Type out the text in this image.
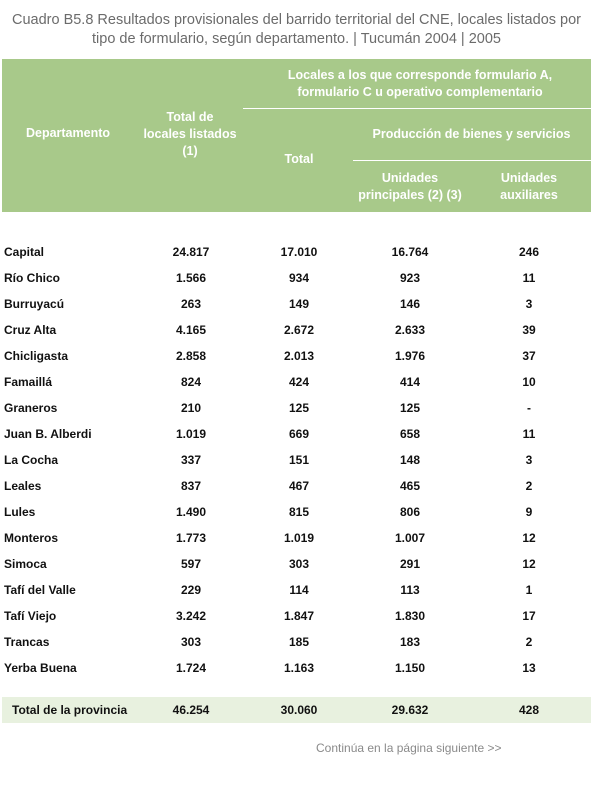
Cuadro B5.8 Resultados provisionales del barrido territorial del CNE, locales listados por tipo de formulario, según departamento. | Tucumán 2004 | 2005
Departamento
Total de
locales listados
(1)
Locales a los que corresponde formulario A,
formulario C u operativo complementario
Total
Producción de bienes y servicios
Unidades
principales (2) (3)
Unidades
auxiliares
Capital	24.817	17.010	16.764	246
Río Chico	1.566	934	923	11
Burruyacú	263	149	146	3
Cruz Alta	4.165	2.672	2.633	39
Chicligasta	2.858	2.013	1.976	37
Famaillá	824	424	414	10
Graneros	210	125	125	-
Juan B. Alberdi	1.019	669	658	11
La Cocha	337	151	148	3
Leales	837	467	465	2
Lules	1.490	815	806	9
Monteros	1.773	1.019	1.007	12
Simoca	597	303	291	12
Tafí del Valle	229	114	113	1
Tafí Viejo	3.242	1.847	1.830	17
Trancas	303	185	183	2
Yerba Buena	1.724	1.163	1.150	13
Total de la provincia	46.254	30.060	29.632	428
Continúa en la página siguiente >>
